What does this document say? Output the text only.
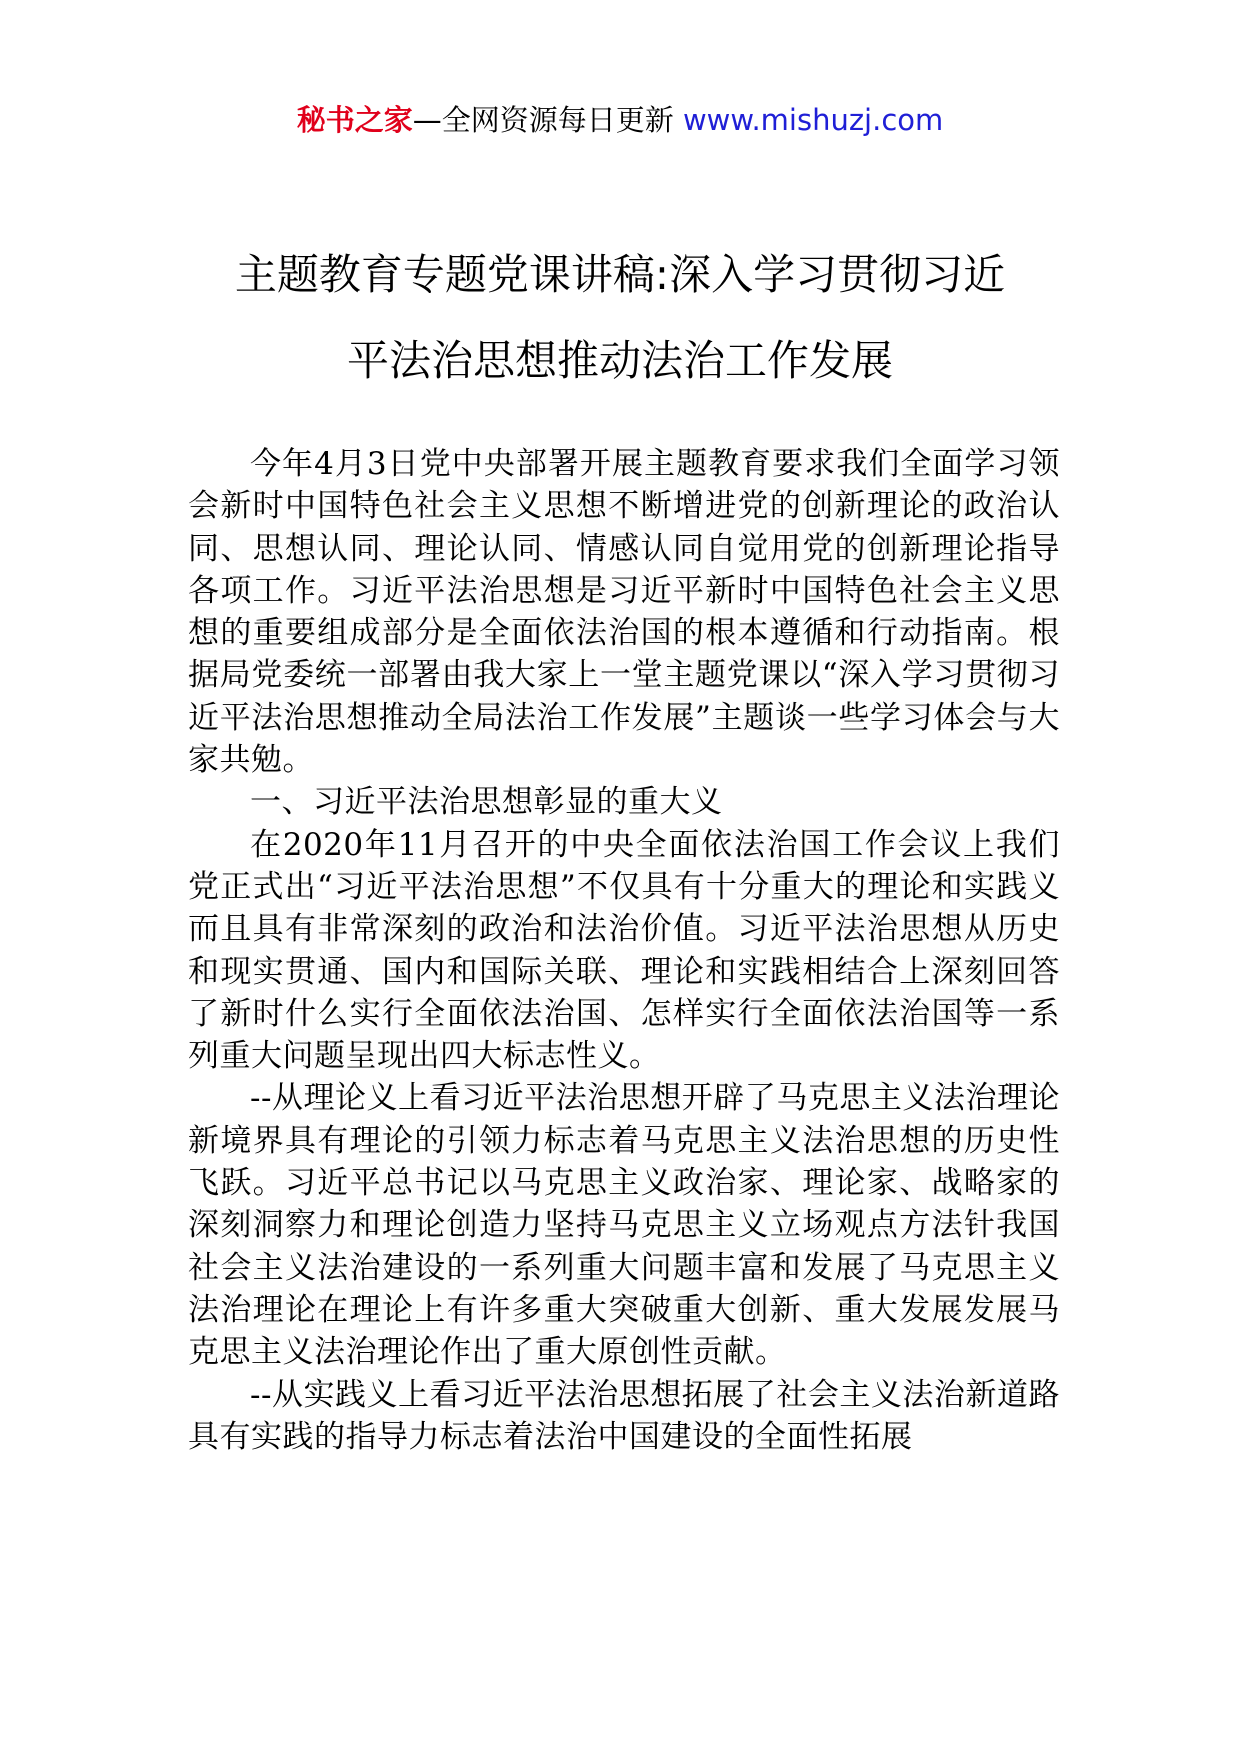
秘书之家—全网资源每日更新 www.mishuzj.com
主题教育专题党课讲稿:深入学习贯彻习近
平法治思想推动法治工作发展

今年4月3日党中央部署开展主题教育要求我们全面学习领会新时中国特色社会主义思想不断增进党的创新理论的政治认同、思想认同、理论认同、情感认同自觉用党的创新理论指导各项工作。习近平法治思想是习近平新时中国特色社会主义思想的重要组成部分是全面依法治国的根本遵循和行动指南。根据局党委统一部署由我大家上一堂主题党课以“深入学习贯彻习近平法治思想推动全局法治工作发展”主题谈一些学习体会与大家共勉。

一、习近平法治思想彰显的重大义

在2020年11月召开的中央全面依法治国工作会议上我们党正式出“习近平法治思想”不仅具有十分重大的理论和实践义而且具有非常深刻的政治和法治价值。习近平法治思想从历史和现实贯通、国内和国际关联、理论和实践相结合上深刻回答了新时什么实行全面依法治国、怎样实行全面依法治国等一系列重大问题呈现出四大标志性义。

--从理论义上看习近平法治思想开辟了马克思主义法治理论新境界具有理论的引领力标志着马克思主义法治思想的历史性飞跃。习近平总书记以马克思主义政治家、理论家、战略家的深刻洞察力和理论创造力坚持马克思主义立场观点方法针我国社会主义法治建设的一系列重大问题丰富和发展了马克思主义法治理论在理论上有许多重大突破重大创新、重大发展发展马克思主义法治理论作出了重大原创性贡献。

--从实践义上看习近平法治思想拓展了社会主义法治新道路具有实践的指导力标志着法治中国建设的全面性拓展
